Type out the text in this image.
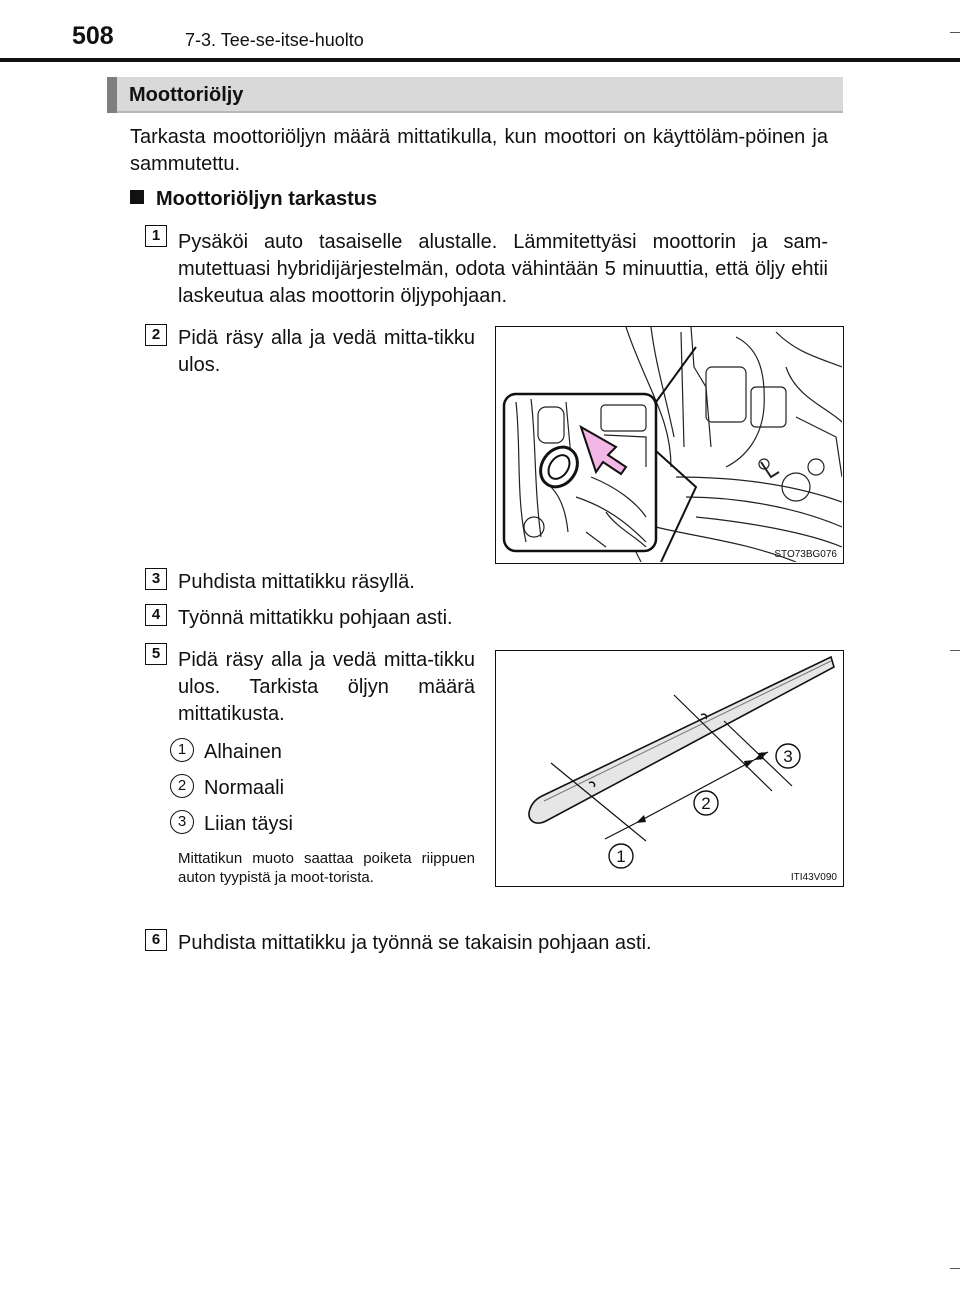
508	7-3. Tee-se-itse-huolto
Moottoriöljy
Tarkasta moottoriöljyn määrä mittatikulla, kun moottori on käyttöläm-pöinen ja sammutettu.
Moottoriöljyn tarkastus
1 Pysäköi auto tasaiselle alustalle. Lämmitettyäsi moottorin ja sam-mutettuasi hybridijärjestelmän, odota vähintään 5 minuuttia, että öljy ehtii laskeutua alas moottorin öljypohjaan.
2 Pidä räsy alla ja vedä mitta-tikku ulos.
STO73BG076
3 Puhdista mittatikku räsyllä.
4 Työnnä mittatikku pohjaan asti.
5 Pidä räsy alla ja vedä mitta-tikku ulos. Tarkista öljyn määrä mittatikusta.
1 Alhainen
2 Normaali
3 Liian täysi
Mittatikun muoto saattaa poiketa riippuen auton tyypistä ja moot-torista.
1
2
3
ITI43V090
6 Puhdista mittatikku ja työnnä se takaisin pohjaan asti.
